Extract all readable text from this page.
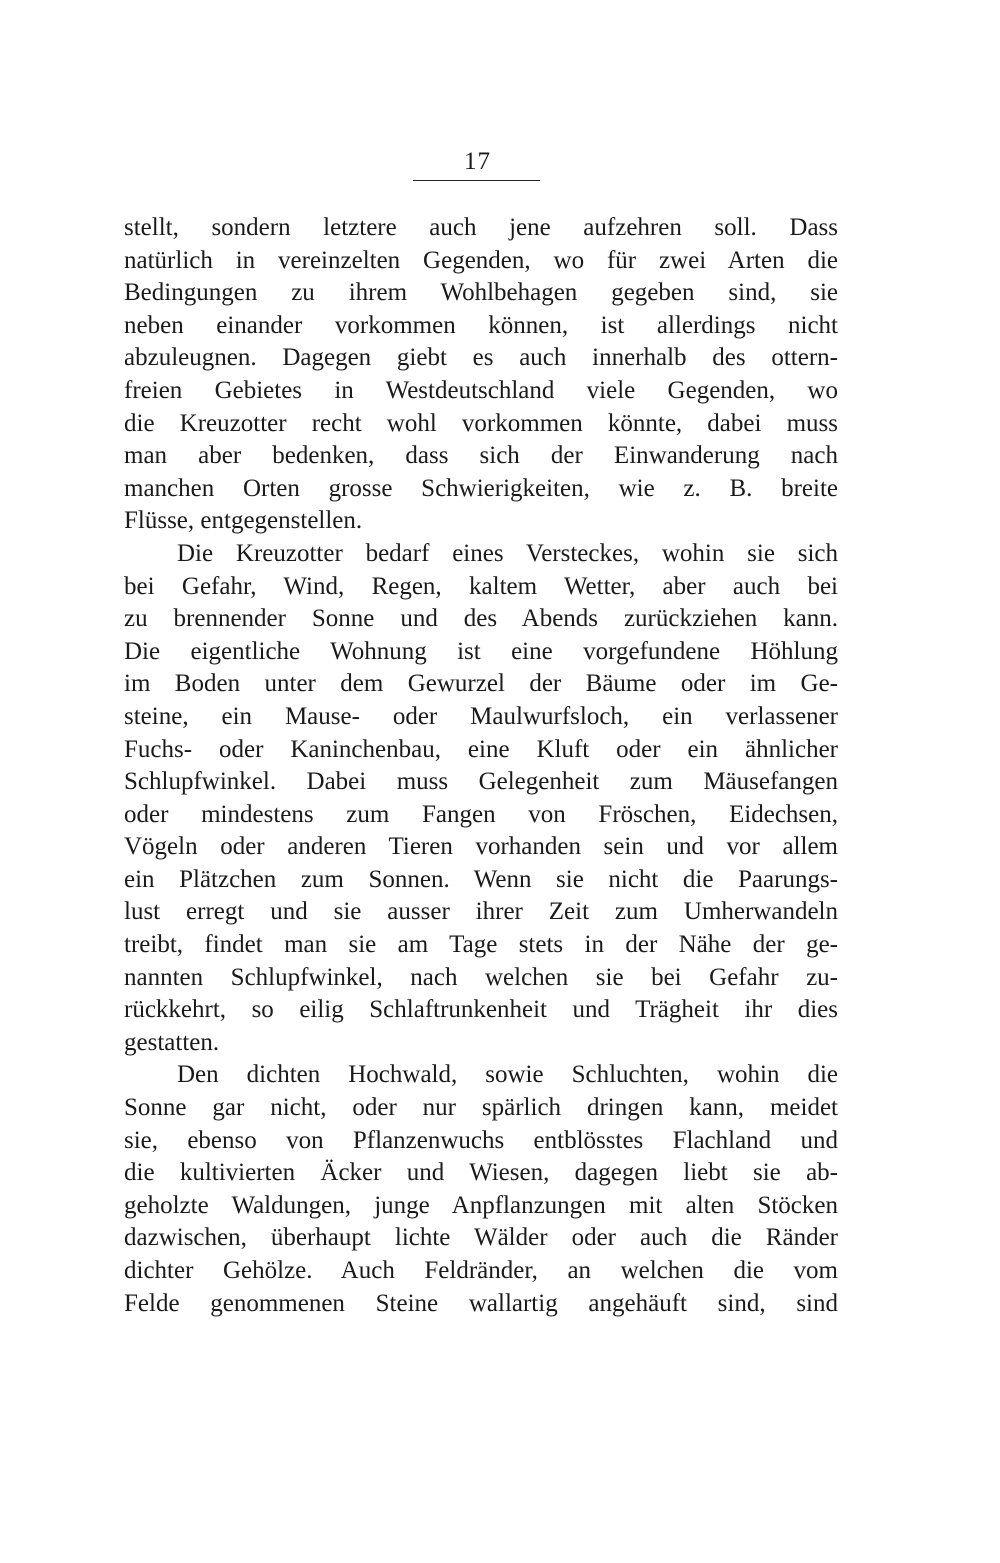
17
stellt, sondern letztere auch jene aufzehren soll. Dass
natürlich in vereinzelten Gegenden, wo für zwei Arten die
Bedingungen zu ihrem Wohlbehagen gegeben sind, sie
neben einander vorkommen können, ist allerdings nicht
abzuleugnen. Dagegen giebt es auch innerhalb des ottern-
freien Gebietes in Westdeutschland viele Gegenden, wo
die Kreuzotter recht wohl vorkommen könnte, dabei muss
man aber bedenken, dass sich der Einwanderung nach
manchen Orten grosse Schwierigkeiten, wie z. B. breite
Flüsse, entgegenstellen.
Die Kreuzotter bedarf eines Versteckes, wohin sie sich
bei Gefahr, Wind, Regen, kaltem Wetter, aber auch bei
zu brennender Sonne und des Abends zurückziehen kann.
Die eigentliche Wohnung ist eine vorgefundene Höhlung
im Boden unter dem Gewurzel der Bäume oder im Ge-
steine, ein Mause- oder Maulwurfsloch, ein verlassener
Fuchs- oder Kaninchenbau, eine Kluft oder ein ähnlicher
Schlupfwinkel. Dabei muss Gelegenheit zum Mäusefangen
oder mindestens zum Fangen von Fröschen, Eidechsen,
Vögeln oder anderen Tieren vorhanden sein und vor allem
ein Plätzchen zum Sonnen. Wenn sie nicht die Paarungs-
lust erregt und sie ausser ihrer Zeit zum Umherwandeln
treibt, findet man sie am Tage stets in der Nähe der ge-
nannten Schlupfwinkel, nach welchen sie bei Gefahr zu-
rückkehrt, so eilig Schlaftrunkenheit und Trägheit ihr dies
gestatten.
Den dichten Hochwald, sowie Schluchten, wohin die
Sonne gar nicht, oder nur spärlich dringen kann, meidet
sie, ebenso von Pflanzenwuchs entblösstes Flachland und
die kultivierten Äcker und Wiesen, dagegen liebt sie ab-
geholzte Waldungen, junge Anpflanzungen mit alten Stöcken
dazwischen, überhaupt lichte Wälder oder auch die Ränder
dichter Gehölze. Auch Feldränder, an welchen die vom
Felde genommenen Steine wallartig angehäuft sind, sind
